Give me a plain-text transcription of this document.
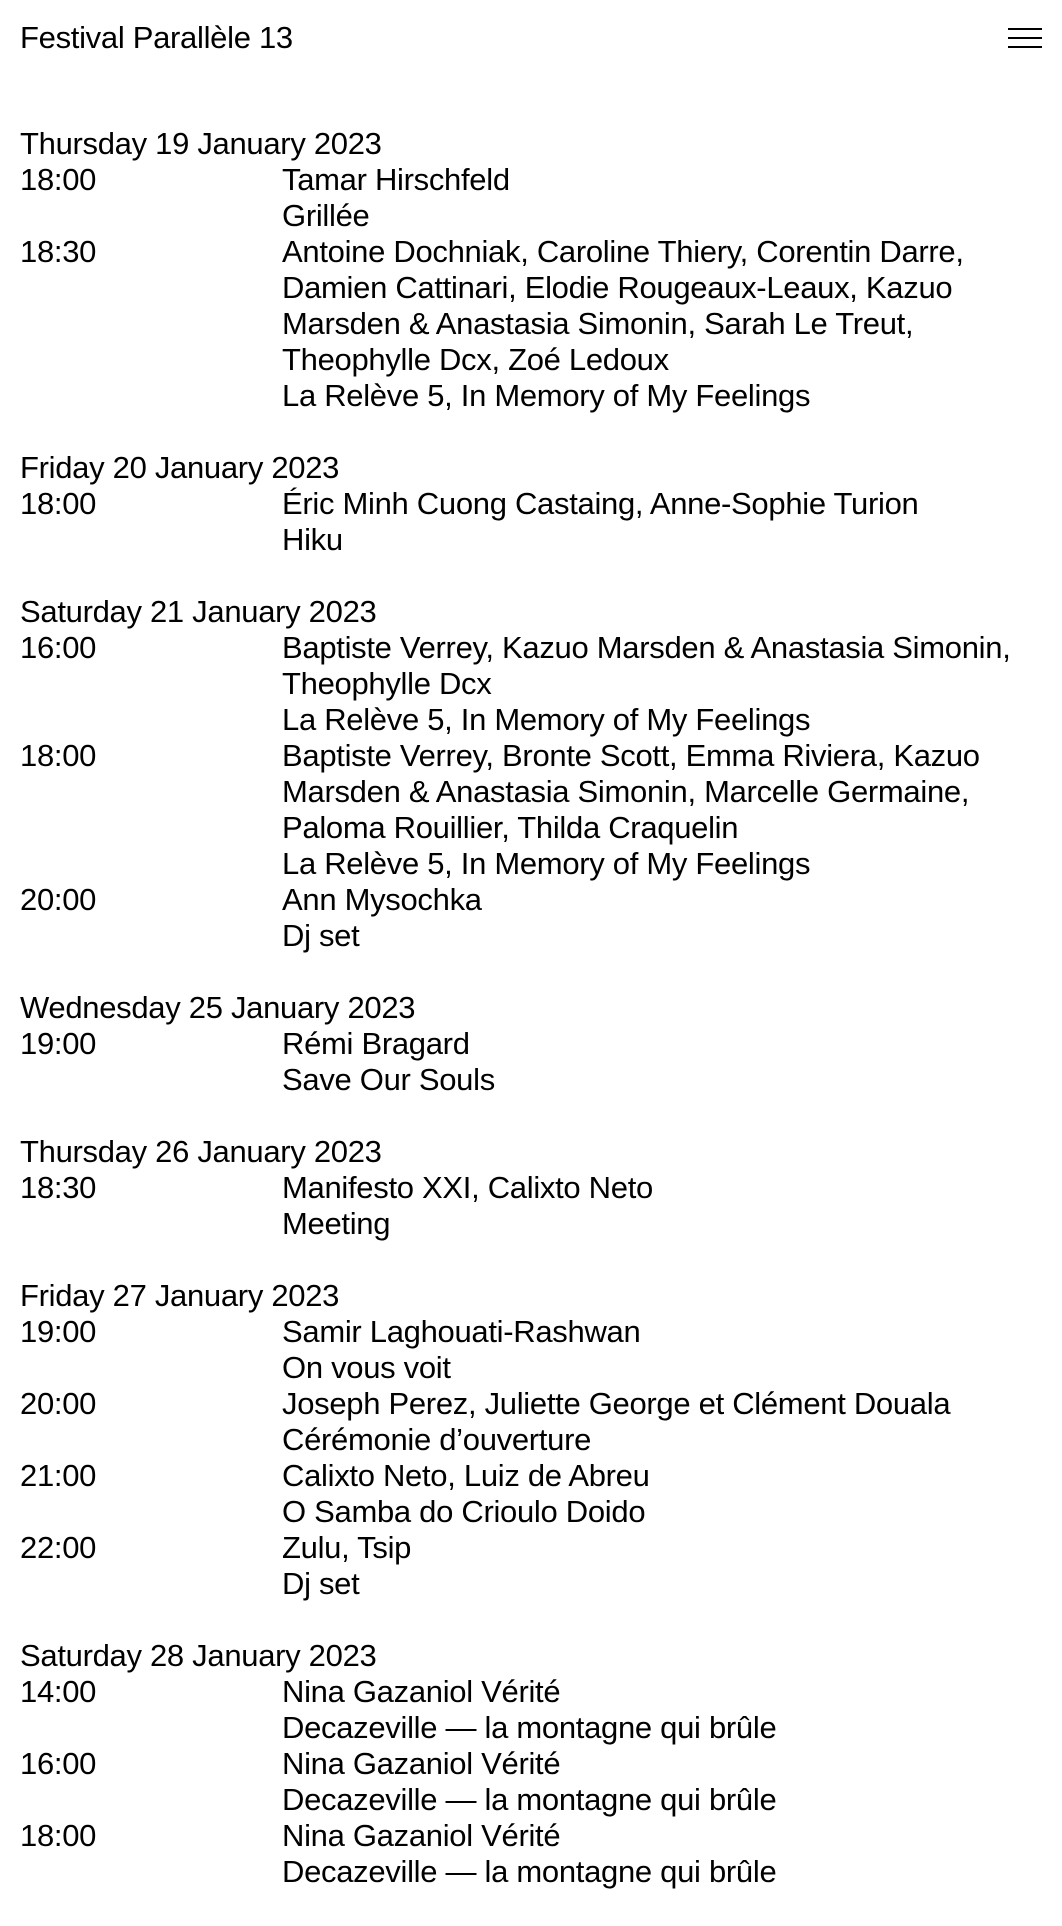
Festival Parallèle 13
Thursday 19 January 2023
18:00	Tamar Hirschfeld
Grillée
18:30	Antoine Dochniak, Caroline Thiery, Corentin Darre, Damien Cattinari, Elodie Rougeaux-Leaux, Kazuo Marsden & Anastasia Simonin, Sarah Le Treut, Theophylle Dcx, Zoé Ledoux
La Relève 5, In Memory of My Feelings
Friday 20 January 2023
18:00	Éric Minh Cuong Castaing, Anne-Sophie Turion
Hiku
Saturday 21 January 2023
16:00	Baptiste Verrey, Kazuo Marsden & Anastasia Simonin, Theophylle Dcx
La Relève 5, In Memory of My Feelings
18:00	Baptiste Verrey, Bronte Scott, Emma Riviera, Kazuo Marsden & Anastasia Simonin, Marcelle Germaine, Paloma Rouillier, Thilda Craquelin
La Relève 5, In Memory of My Feelings
20:00	Ann Mysochka
Dj set
Wednesday 25 January 2023
19:00	Rémi Bragard
Save Our Souls
Thursday 26 January 2023
18:30	Manifesto XXI, Calixto Neto
Meeting
Friday 27 January 2023
19:00	Samir Laghouati-Rashwan
On vous voit
20:00	Joseph Perez, Juliette George et Clément Douala
Cérémonie d’ouverture
21:00	Calixto Neto, Luiz de Abreu
O Samba do Crioulo Doido
22:00	Zulu, Tsip
Dj set
Saturday 28 January 2023
14:00	Nina Gazaniol Vérité
Decazeville — la montagne qui brûle
16:00	Nina Gazaniol Vérité
Decazeville — la montagne qui brûle
18:00	Nina Gazaniol Vérité
Decazeville — la montagne qui brûle
